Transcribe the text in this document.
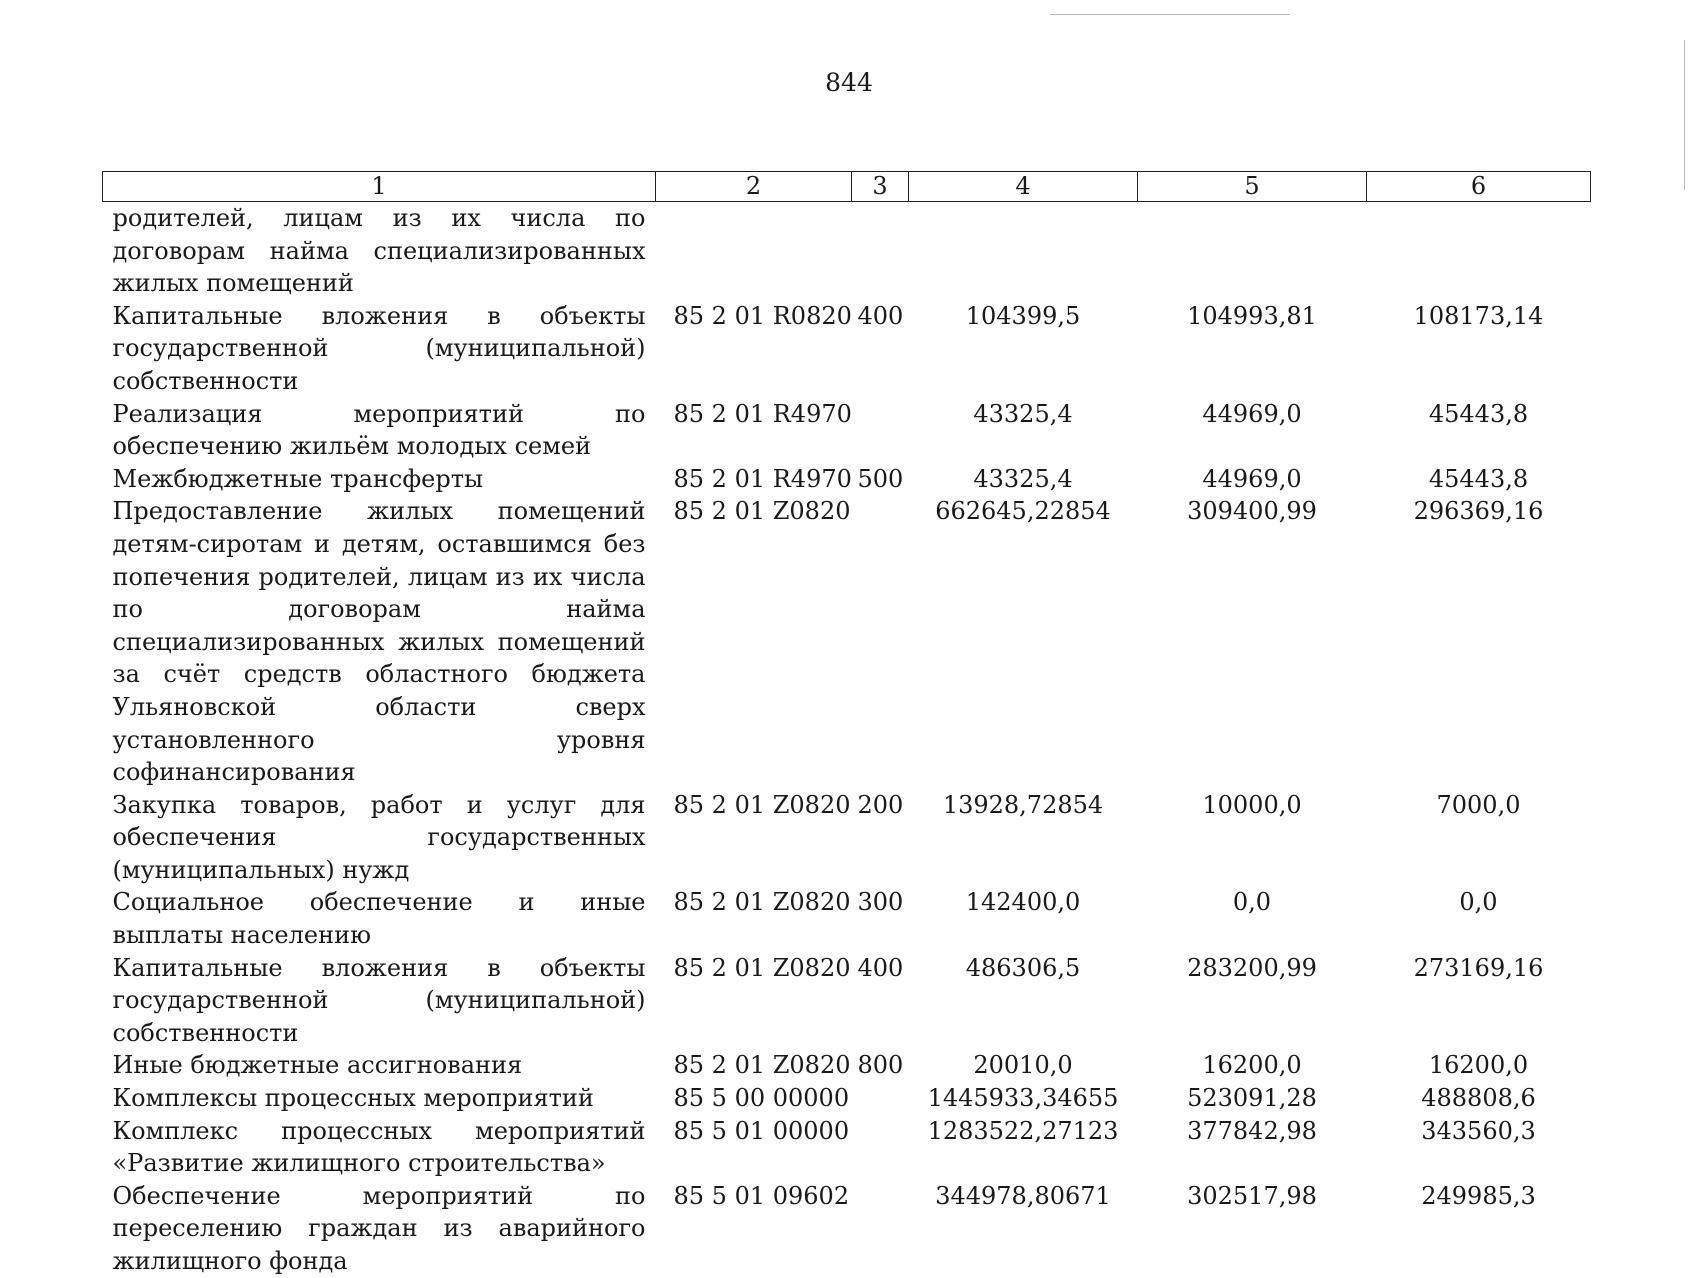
844
1	2	3	4	5	6
родителей, лицам из их числа по договорам найма специализированных жилых помещений					
Капитальные вложения в объекты государственной (муниципальной) собственности	85 2 01 R0820	400	104399,5	104993,81	108173,14
Реализация мероприятий по обеспечению жильём молодых семей	85 2 01 R4970		43325,4	44969,0	45443,8
Межбюджетные трансферты	85 2 01 R4970	500	43325,4	44969,0	45443,8
Предоставление жилых помещений детям-сиротам и детям, оставшимся без попечения родителей, лицам из их числа по договорам найма специализированных жилых помещений за счёт средств областного бюджета Ульяновской области сверх установленного уровня софинансирования	85 2 01 Z0820		662645,22854	309400,99	296369,16
Закупка товаров, работ и услуг для обеспечения государственных (муниципальных) нужд	85 2 01 Z0820	200	13928,72854	10000,0	7000,0
Социальное обеспечение и иные выплаты населению	85 2 01 Z0820	300	142400,0	0,0	0,0
Капитальные вложения в объекты государственной (муниципальной) собственности	85 2 01 Z0820	400	486306,5	283200,99	273169,16
Иные бюджетные ассигнования	85 2 01 Z0820	800	20010,0	16200,0	16200,0
Комплексы процессных мероприятий	85 5 00 00000		1445933,34655	523091,28	488808,6
Комплекс процессных мероприятий «Развитие жилищного строительства»	85 5 01 00000		1283522,27123	377842,98	343560,3
Обеспечение мероприятий по переселению граждан из аварийного жилищного фонда	85 5 01 09602		344978,80671	302517,98	249985,3
